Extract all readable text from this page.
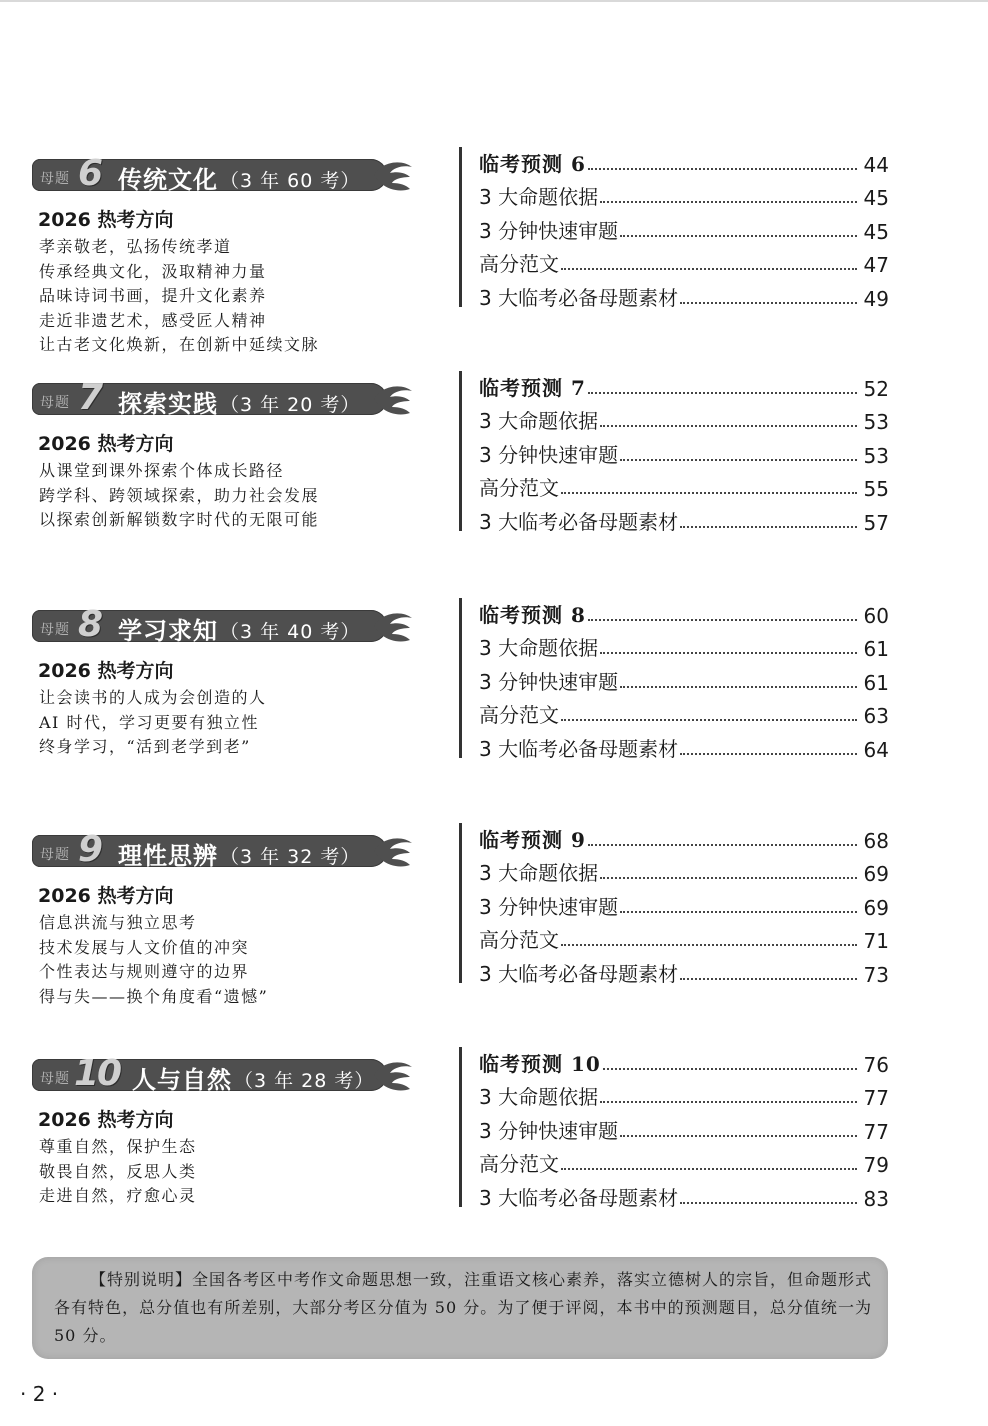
母题 6 传统文化 （3 年 60 考）
2026 热考方向
孝亲敬老，弘扬传统孝道
传承经典文化，汲取精神力量
品味诗词书画，提升文化素养
走近非遗艺术，感受匠人精神
让古老文化焕新，在创新中延续文脉
临考预测 6	44
3 大命题依据	45
3 分钟快速审题	45
高分范文	47
3 大临考必备母题素材	49
母题 7 探索实践 （3 年 20 考）
2026 热考方向
从课堂到课外探索个体成长路径
跨学科、跨领域探索，助力社会发展
以探索创新解锁数字时代的无限可能
临考预测 7	52
3 大命题依据	53
3 分钟快速审题	53
高分范文	55
3 大临考必备母题素材	57
母题 8 学习求知 （3 年 40 考）
2026 热考方向
让会读书的人成为会创造的人
AI 时代，学习更要有独立性
终身学习，“活到老学到老”
临考预测 8	60
3 大命题依据	61
3 分钟快速审题	61
高分范文	63
3 大临考必备母题素材	64
母题 9 理性思辨 （3 年 32 考）
2026 热考方向
信息洪流与独立思考
技术发展与人文价值的冲突
个性表达与规则遵守的边界
得与失——换个角度看“遗憾”
临考预测 9	68
3 大命题依据	69
3 分钟快速审题	69
高分范文	71
3 大临考必备母题素材	73
母题 10 人与自然 （3 年 28 考）
2026 热考方向
尊重自然，保护生态
敬畏自然，反思人类
走进自然，疗愈心灵
临考预测 10	76
3 大命题依据	77
3 分钟快速审题	77
高分范文	79
3 大临考必备母题素材	83

【特别说明】全国各考区中考作文命题思想一致，注重语文核心素养，落实立德树人的宗旨，但命题形式各有特色，总分值也有所差别，大部分考区分值为 50 分。为了便于评阅，本书中的预测题目，总分值统一为 50 分。

· 2 ·
